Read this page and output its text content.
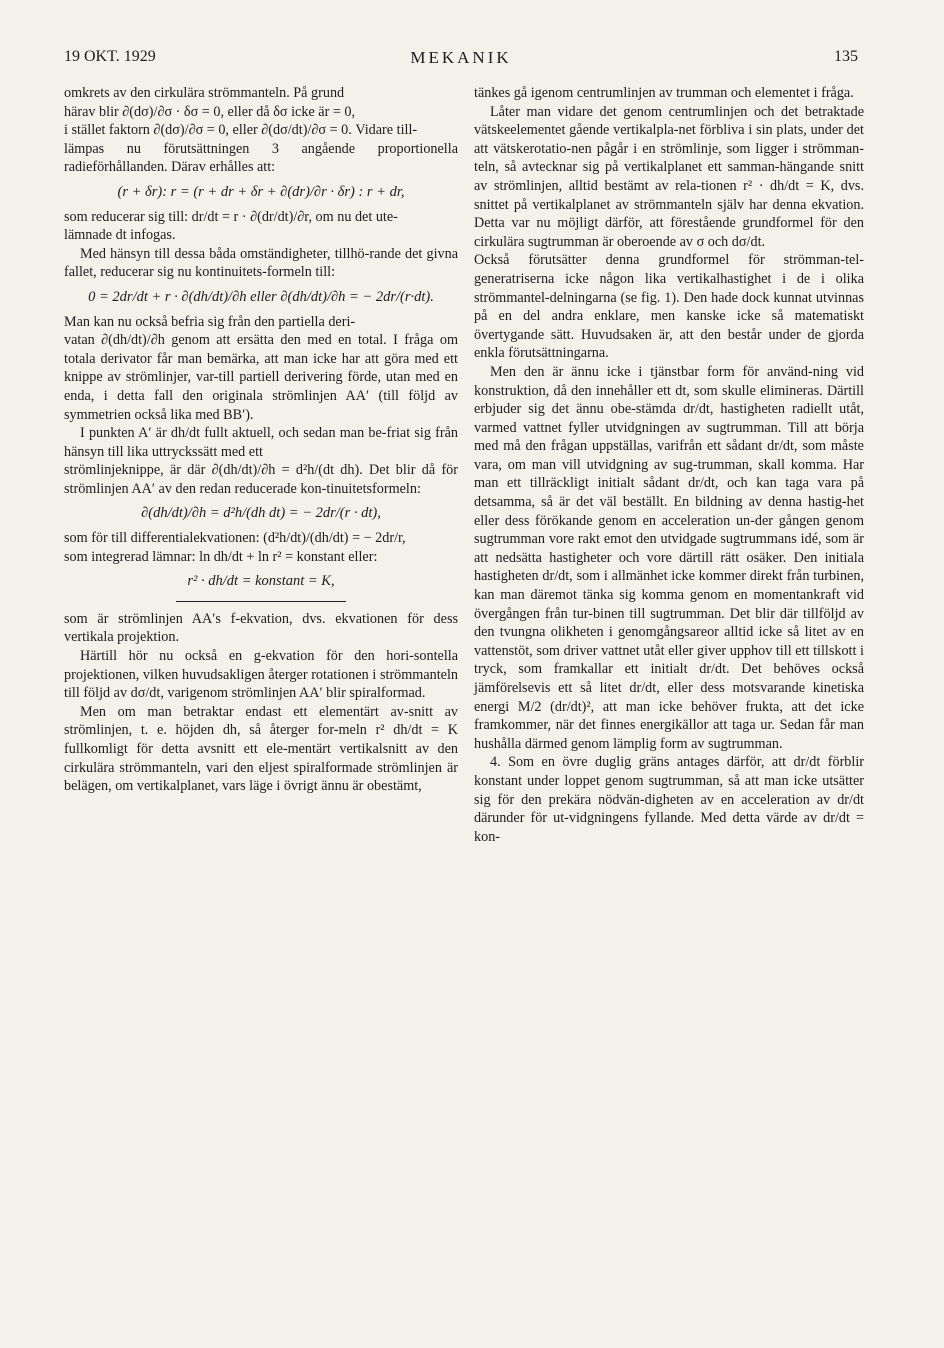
19 OKT. 1929	MEKANIK	135

omkrets av den cirkulära strömmanteln. På grund

härav blir ∂(dσ)/∂σ · δσ = 0, eller då δσ icke är = 0,

i stället faktorn ∂(dσ)/∂σ = 0, eller ∂(dσ/dt)/∂σ = 0. Vidare till-

lämpas nu förutsättningen 3 angående proportionella radieförhållanden. Därav erhålles att:

(r + δr): r = (r + dr + δr + ∂(dr)/∂r · δr) : r + dr,

som reducerar sig till: dr/dt = r · ∂(dr/dt)/∂r, om nu det ute-

lämnade dt infogas.

Med hänsyn till dessa båda omständigheter, tillhö-rande det givna fallet, reducerar sig nu kontinuitets-formeln till:

0 = 2dr/dt + r · ∂(dh/dt)/∂h eller ∂(dh/dt)/∂h = − 2dr/(r·dt).

Man kan nu också befria sig från den partiella deri-

vatan ∂(dh/dt)/∂h genom att ersätta den med en total. I fråga om totala derivator får man bemärka, att man icke har att göra med ett knippe av strömlinjer, var-till partiell derivering förde, utan med en enda, i detta fall den originala strömlinjen AA′ (till följd av symmetrien också lika med BB′).

I punkten A′ är dh/dt fullt aktuell, och sedan man be-friat sig från hänsyn till lika uttryckssätt med ett

strömlinjeknippe, är där ∂(dh/dt)/∂h = d²h/(dt dh). Det blir då för strömlinjen AA′ av den redan reducerade kon-tinuitetsformeln:

∂(dh/dt)/∂h = d²h/(dh dt) = − 2dr/(r · dt),

som för till differentialekvationen: (d²h/dt)/(dh/dt) = − 2dr/r,

som integrerad lämnar: ln dh/dt + ln r² = konstant eller:

r² · dh/dt = konstant = K,

som är strömlinjen AA′s f-ekvation, dvs. ekvationen för dess vertikala projektion.

Härtill hör nu också en g-ekvation för den hori-sontella projektionen, vilken huvudsakligen återger rotationen i strömmanteln till följd av dσ/dt, varigenom strömlinjen AA′ blir spiralformad.

Men om man betraktar endast ett elementärt av-snitt av strömlinjen, t. e. höjden dh, så återger for-meln r² dh/dt = K fullkomligt för detta avsnitt ett ele-mentärt vertikalsnitt av den cirkulära strömmanteln, vari den eljest spiralformade strömlinjen är belägen, om vertikalplanet, vars läge i övrigt ännu är obestämt,

tänkes gå igenom centrumlinjen av trumman och elementet i fråga.

Låter man vidare det genom centrumlinjen och det betraktade vätskeelementet gående vertikalpla-net förbliva i sin plats, under det att vätskerotatio-nen pågår i en strömlinje, som ligger i strömman-teln, så avtecknar sig på vertikalplanet ett samman-hängande snitt av strömlinjen, alltid bestämt av rela-tionen r² · dh/dt = K, dvs. snittet på vertikalplanet av strömmanteln själv har denna ekvation. Detta var nu möjligt därför, att förestående grundformel för den cirkulära sugtrumman är oberoende av σ och dσ/dt.

Också förutsätter denna grundformel för strömman-tel-generatriserna icke någon lika vertikalhastighet i de i olika strömmantel-delningarna (se fig. 1). Den hade dock kunnat utvinnas på en del andra enklare, men kanske icke så matematiskt övertygande sätt. Huvudsaken är, att den består under de gjorda enkla förutsättningarna.

Men den är ännu icke i tjänstbar form för använd-ning vid konstruktion, då den innehåller ett dt, som skulle elimineras. Därtill erbjuder sig det ännu obe-stämda dr/dt, hastigheten radiellt utåt, varmed vattnet fyller utvidgningen av sugtrumman. Till att börja med må den frågan uppställas, varifrån ett sådant dr/dt, som måste vara, om man vill utvidgning av sug-trumman, skall komma. Har man ett tillräckligt initialt sådant dr/dt, och kan taga vara på detsamma, så är det väl beställt. En bildning av denna hastig-het eller dess förökande genom en acceleration un-der gången genom sugtrumman vore rakt emot den utvidgade sugtrummans idé, som är att nedsätta hastigheter och vore därtill rätt osäker. Den initiala hastigheten dr/dt, som i allmänhet icke kommer direkt från turbinen, kan man däremot tänka sig komma genom en momentankraft vid övergången från tur-binen till sugtrumman. Det blir där tillföljd av den tvungna olikheten i genomgångsareor alltid icke så litet av en vattenstöt, som driver vattnet utåt eller giver upphov till ett tillskott i tryck, som framkallar ett initialt dr/dt. Det behöves också jämförelsevis ett så litet dr/dt, eller dess motsvarande kinetiska energi M/2 (dr/dt)², att man icke behöver frukta, att det icke framkommer, när det finnes energikällor att taga ur. Sedan får man hushålla därmed genom lämplig form av sugtrumman.

4. Som en övre duglig gräns antages därför, att dr/dt förblir konstant under loppet genom sugtrumman, så att man icke utsätter sig för den prekära nödvän-digheten av en acceleration av dr/dt därunder för ut-vidgningens fyllande. Med detta värde av dr/dt = kon-
